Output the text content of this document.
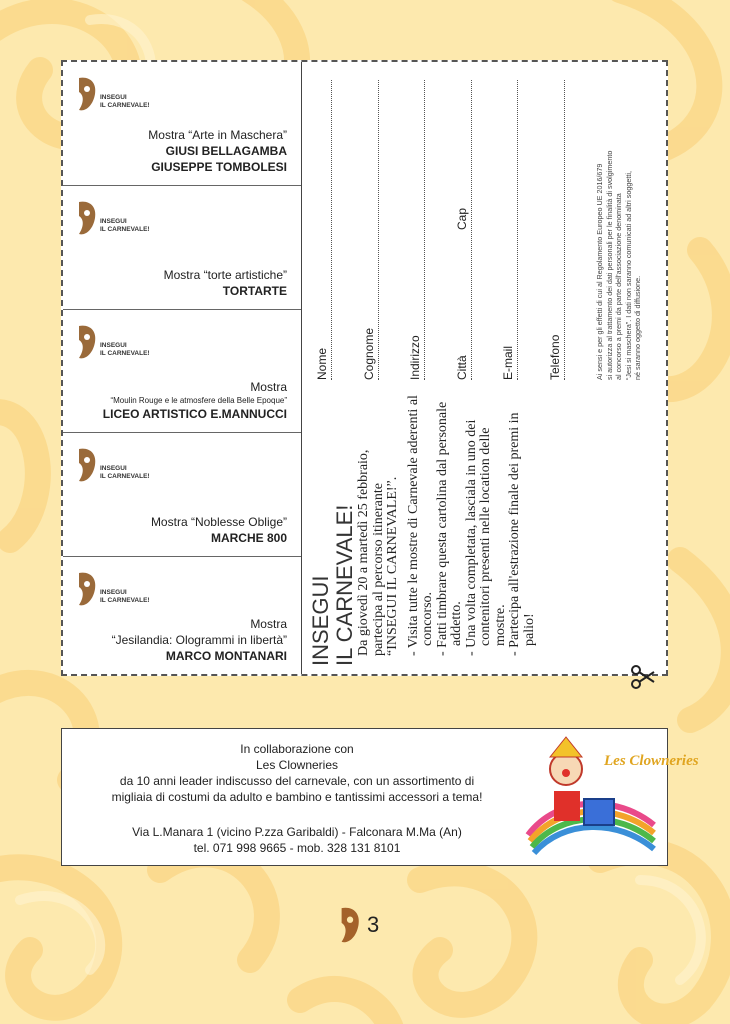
INSEGUI
IL CARNEVALE!
Mostra “Arte in Maschera”
GIUSI BELLAGAMBA
GIUSEPPE TOMBOLESI
INSEGUI
IL CARNEVALE!
Mostra “torte artistiche”
TORTARTE
INSEGUI
IL CARNEVALE!
Mostra
“Moulin Rouge e le atmosfere della Belle Epoque”
LICEO ARTISTICO E.MANNUCCI
INSEGUI
IL CARNEVALE!
Mostra “Noblesse Oblige”
MARCHE 800
INSEGUI
IL CARNEVALE!
Mostra
“Jesilandia: Ologrammi in libertà”
MARCO MONTANARI INSEGUI IL CARNEVALE! Da giovedì 20 a martedì 25 febbraio, partecipa al percorso itinerante “INSEGUI IL CARNEVALE!”. - Visita tutte le mostre di Carnevale aderenti al concorso. - Fatti timbrare questa cartolina dal personale addetto. - Una volta completata, lasciala in uno dei contenitori presenti nelle location delle mostre. - Partecipa all'estrazione finale dei premi in palio!
Nome	Cognome	Indirizzo	Città
Cap
E-mail	Telefono	Ai sensi e per gli effetti di cui al Regolamento Europeo UE 2016/679 si autorizza al trattamento dei dati personali per le finalità di svolgimento al concorso a premi da parte dell'associazione denominata “Jesi si maschera”. I dati non saranno comunicati ad altri soggetti, né saranno oggetto di diffusione.
In collaborazione con
Les Clowneries
da 10 anni leader indiscusso del carnevale, con un assortimento di
migliaia di costumi da adulto e bambino e tantissimi accessori a tema!
Via L.Manara 1 (vicino P.zza Garibaldi) - Falconara M.Ma (An)
tel. 071 998 9665 - mob. 328 131 8101
Les Clowneries
3
